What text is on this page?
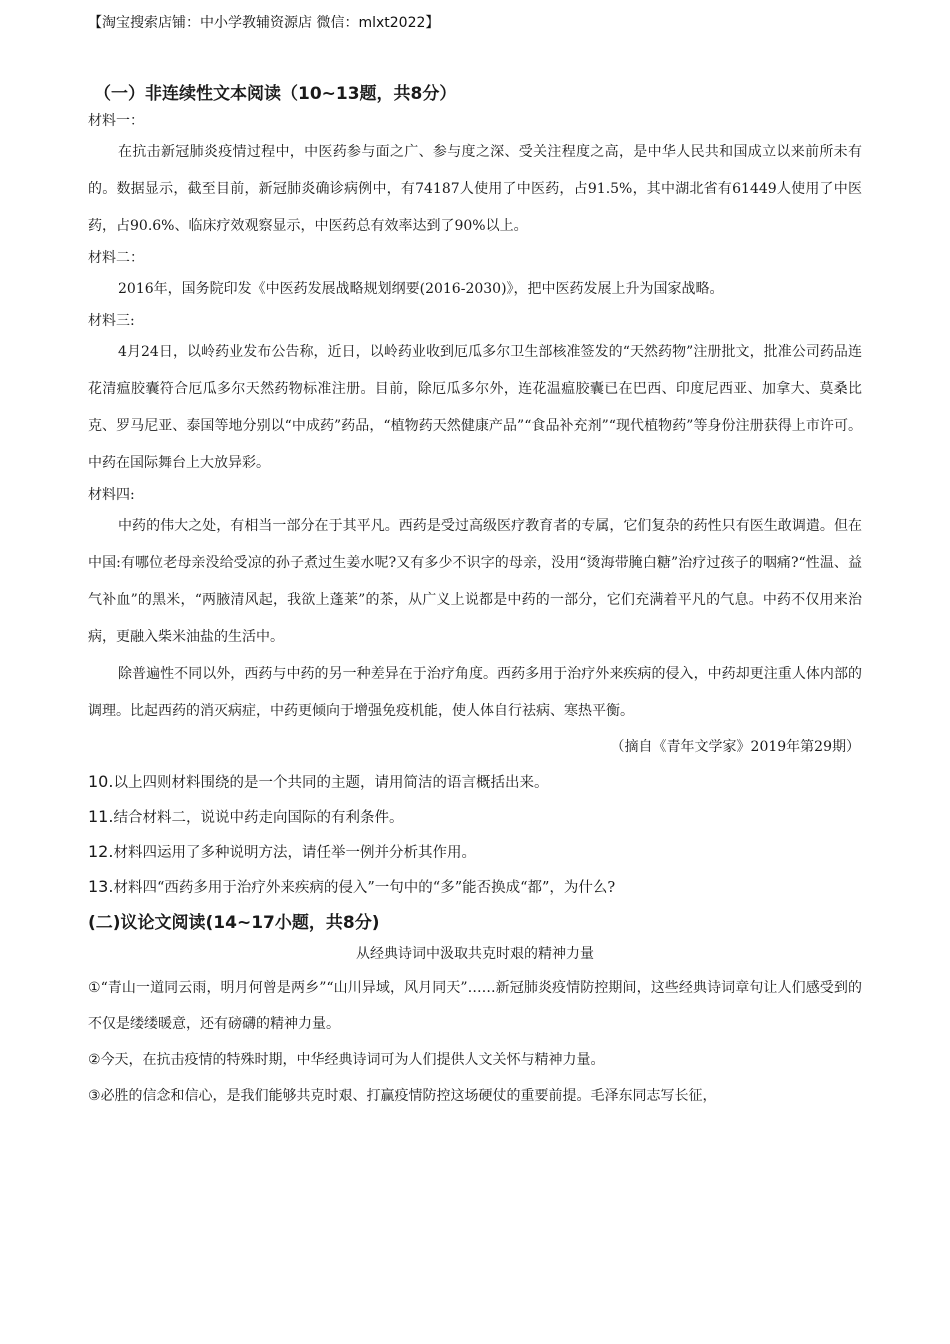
【淘宝搜索店铺：中小学教辅资源店 微信：mlxt2022】
（一）非连续性文本阅读（10~13题，共8分）

材料一：

在抗击新冠肺炎疫情过程中，中医药参与面之广、参与度之深、受关注程度之高，是中华人民共和国成立以来前所未有的。数据显示，截至目前，新冠肺炎确诊病例中，有74187人使用了中医药，占91.5%，其中湖北省有61449人使用了中医药，占90.6%、临床疗效观察显示，中医药总有效率达到了90%以上。

材料二：

2016年，国务院印发《中医药发展战略规划纲要(2016-2030)》，把中医药发展上升为国家战略。

材料三:

4月24日，以岭药业发布公告称，近日，以岭药业收到厄瓜多尔卫生部核准签发的“天然药物”注册批文，批准公司药品连花清瘟胶囊符合厄瓜多尔天然药物标准注册。目前，除厄瓜多尔外，连花温瘟胶囊已在巴西、印度尼西亚、加拿大、莫桑比克、罗马尼亚、泰国等地分别以“中成药”药品，“植物药天然健康产品”“食品补充剂”“现代植物药”等身份注册获得上市许可。中药在国际舞台上大放异彩。

材料四:

中药的伟大之处，有相当一部分在于其平凡。西药是受过高级医疗教育者的专属，它们复杂的药性只有医生敢调遣。但在中国:有哪位老母亲没给受凉的孙子煮过生姜水呢?又有多少不识字的母亲，没用“烫海带腌白糖”治疗过孩子的咽痛?“性温、益气补血”的黑米，“两腋清风起，我欲上蓬莱”的茶，从广义上说都是中药的一部分，它们充满着平凡的气息。中药不仅用来治病，更融入柴米油盐的生活中。

除普遍性不同以外，西药与中药的另一种差异在于治疗角度。西药多用于治疗外来疾病的侵入，中药却更注重人体内部的调理。比起西药的消灭病症，中药更倾向于增强免疫机能，使人体自行祛病、寒热平衡。

（摘自《青年文学家》2019年第29期）

10.以上四则材料围绕的是一个共同的主题，请用简洁的语言概括出来。

11.结合材料二，说说中药走向国际的有利条件。

12.材料四运用了多种说明方法，请任举一例并分析其作用。

13.材料四“西药多用于治疗外来疾病的侵入”一句中的“多”能否换成“都”，为什么?

(二)议论文阅读(14~17小题，共8分)

从经典诗词中汲取共克时艰的精神力量

①“青山一道同云雨，明月何曾是两乡”“山川异域，风月同天”……新冠肺炎疫情防控期间，这些经典诗词章句让人们感受到的不仅是缕缕暖意，还有磅礴的精神力量。

②今天，在抗击疫情的特殊时期，中华经典诗词可为人们提供人文关怀与精神力量。

③必胜的信念和信心，是我们能够共克时艰、打赢疫情防控这场硬仗的重要前提。毛泽东同志写长征，
